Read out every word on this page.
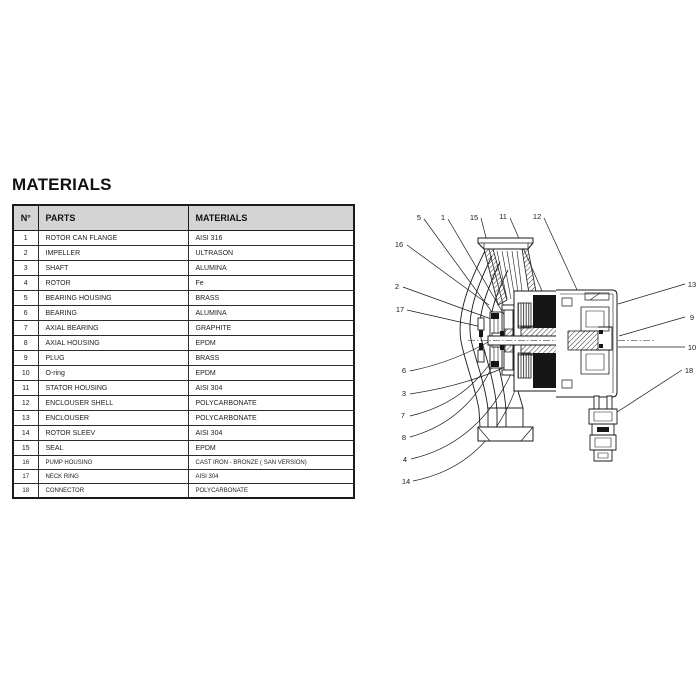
MATERIALS
N°	PARTS	MATERIALS
1	ROTOR CAN FLANGE	AISI 316
2	IMPELLER	ULTRASON
3	SHAFT	ALUMINA
4	ROTOR	Fe
5	BEARING HOUSING	BRASS
6	BEARING	ALUMINA
7	AXIAL BEARING	GRAPHITE
8	AXIAL HOUSING	EPDM
9	PLUG	BRASS
10	O-ring	EPDM
11	STATOR HOUSING	AISI 304
12	ENCLOUSER SHELL	POLYCARBONATE
13	ENCLOUSER	POLYCARBONATE
14	ROTOR SLEEV	AISI 304
15	SEAL	EPDM
16	PUMP HOUSING	CAST IRON - BRONZE ( SAN VERSION)
17	NECK RING	AISI 304
18	CONNECTOR	POLYCARBONATE
5	1	15	11	12
16
2
17
6
3
7
8
4
14
13
9
10
18
